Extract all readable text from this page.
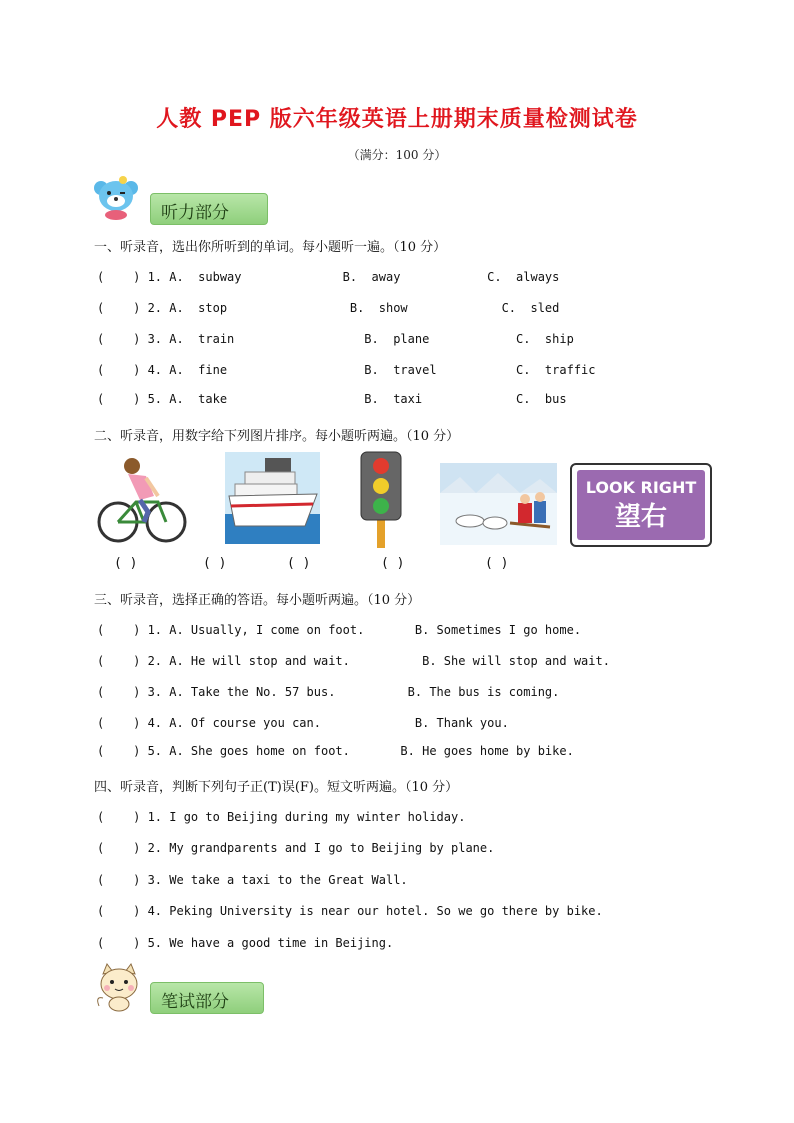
人教 PEP 版六年级英语上册期末质量检测试卷
（满分：100 分）
听力部分
一、听录音，选出你所听到的单词。每小题听一遍。（10 分）
(    ) 1. A.  subway              B.  away            C.  always
(    ) 2. A.  stop                 B.  show             C.  sled
(    ) 3. A.  train                  B.  plane            C.  ship
(    ) 4. A.  fine                   B.  travel           C.  traffic
(    ) 5. A.  take                   B.  taxi             C.  bus
二、听录音，用数字给下列图片排序。每小题听两遍。（10 分）
LOOK RIGHT
望右
( )	( )	( )	( )	( )
三、听录音，选择正确的答语。每小题听两遍。（10 分）
(    ) 1. A. Usually, I come on foot.       B. Sometimes I go home.
(    ) 2. A. He will stop and wait.          B. She will stop and wait.
(    ) 3. A. Take the No. 57 bus.          B. The bus is coming.
(    ) 4. A. Of course you can.             B. Thank you.
(    ) 5. A. She goes home on foot.       B. He goes home by bike.
四、听录音，判断下列句子正(T)误(F)。短文听两遍。（10 分）
(    ) 1. I go to Beijing during my winter holiday.
(    ) 2. My grandparents and I go to Beijing by plane.
(    ) 3. We take a taxi to the Great Wall.
(    ) 4. Peking University is near our hotel. So we go there by bike.
(    ) 5. We have a good time in Beijing.
笔试部分
